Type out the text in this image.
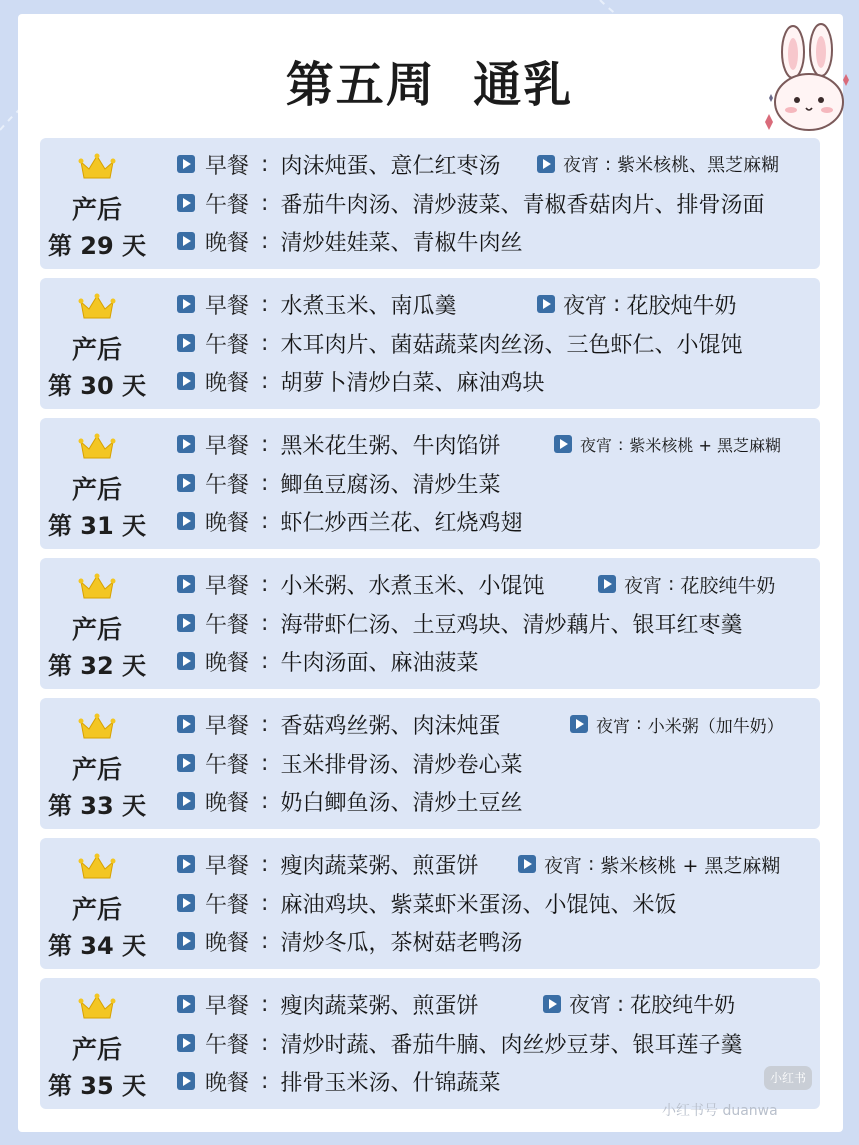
第五周  通乳
产后
第 29 天
早餐 : 肉沫炖蛋、意仁红枣汤	夜宵 : 紫米核桃、黑芝麻糊
午餐 : 番茄牛肉汤、清炒菠菜、青椒香菇肉片、排骨汤面
晚餐 : 清炒娃娃菜、青椒牛肉丝
产后
第 30 天
早餐 : 水煮玉米、南瓜羹	夜宵 : 花胶炖牛奶
午餐 : 木耳肉片、菌菇蔬菜肉丝汤、三色虾仁、小馄饨
晚餐 : 胡萝卜清炒白菜、麻油鸡块
产后
第 31 天
早餐 : 黑米花生粥、牛肉馅饼	夜宵 : 紫米核桃 + 黑芝麻糊
午餐 : 鲫鱼豆腐汤、清炒生菜
晚餐 : 虾仁炒西兰花、红烧鸡翅
产后
第 32 天
早餐 : 小米粥、水煮玉米、小馄饨	夜宵 : 花胶纯牛奶
午餐 : 海带虾仁汤、土豆鸡块、清炒藕片、银耳红枣羹
晚餐 : 牛肉汤面、麻油菠菜
产后
第 33 天
早餐 : 香菇鸡丝粥、肉沫炖蛋	夜宵 : 小米粥（加牛奶）
午餐 : 玉米排骨汤、清炒卷心菜
晚餐 : 奶白鲫鱼汤、清炒土豆丝
产后
第 34 天
早餐 : 瘦肉蔬菜粥、煎蛋饼	夜宵 : 紫米核桃 + 黑芝麻糊
午餐 : 麻油鸡块、紫菜虾米蛋汤、小馄饨、米饭
晚餐 : 清炒冬瓜，茶树菇老鸭汤
产后
第 35 天
早餐 : 瘦肉蔬菜粥、煎蛋饼	夜宵 : 花胶纯牛奶
午餐 : 清炒时蔬、番茄牛腩、肉丝炒豆芽、银耳莲子羹
晚餐 : 排骨玉米汤、什锦蔬菜	小红书
小红书号 duanwa
